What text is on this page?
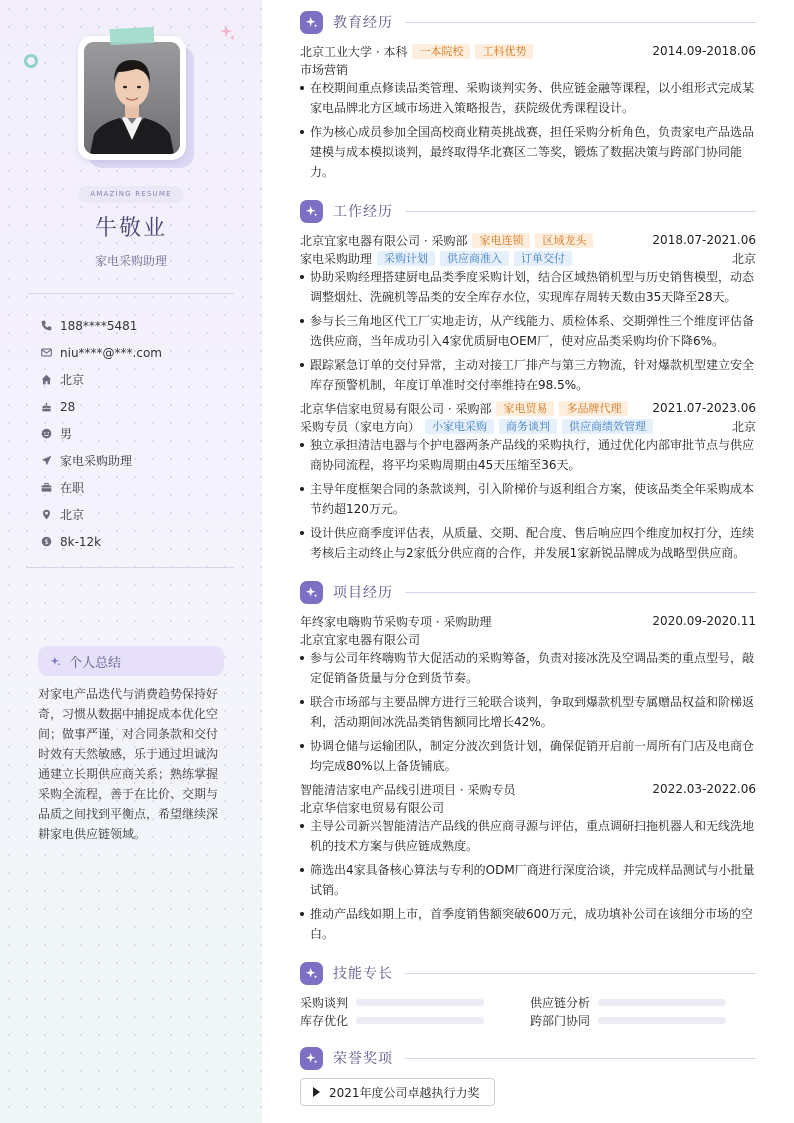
AMAZING RESUME
牛敬业
家电采购助理
188****5481
niu****@***.com
北京
28
男
家电采购助理
在职
北京
$ 8k-12k
个人总结
对家电产品迭代与消费趋势保持好奇，习惯从数据中捕捉成本优化空间；做事严谨，对合同条款和交付时效有天然敏感，乐于通过坦诚沟通建立长期供应商关系；熟练掌握采购全流程，善于在比价、交期与品质之间找到平衡点，希望继续深耕家电供应链领域。
教育经历
北京工业大学 · 本科	一本院校	工科优势	2014.09-2018.06
市场营销
在校期间重点修读品类管理、采购谈判实务、供应链金融等课程，以小组形式完成某家电品牌北方区域市场进入策略报告，获院级优秀课程设计。
作为核心成员参加全国高校商业精英挑战赛，担任采购分析角色，负责家电产品选品建模与成本模拟谈判，最终取得华北赛区二等奖，锻炼了数据决策与跨部门协同能力。
工作经历
北京宜家电器有限公司 · 采购部	家电连锁	区域龙头	2018.07-2021.06
家电采购助理	采购计划	供应商准入	订单交付	北京
协助采购经理搭建厨电品类季度采购计划，结合区域热销机型与历史销售模型，动态调整烟灶、洗碗机等品类的安全库存水位，实现库存周转天数由35天降至28天。
参与长三角地区代工厂实地走访，从产线能力、质检体系、交期弹性三个维度评估备选供应商，当年成功引入4家优质厨电OEM厂，使对应品类采购均价下降6%。
跟踪紧急订单的交付异常，主动对接工厂排产与第三方物流，针对爆款机型建立安全库存预警机制，年度订单准时交付率维持在98.5%。
北京华信家电贸易有限公司 · 采购部	家电贸易	多品牌代理	2021.07-2023.06
采购专员（家电方向）	小家电采购	商务谈判	供应商绩效管理	北京
独立承担清洁电器与个护电器两条产品线的采购执行，通过优化内部审批节点与供应商协同流程，将平均采购周期由45天压缩至36天。
主导年度框架合同的条款谈判，引入阶梯价与返利组合方案，使该品类全年采购成本节约超120万元。
设计供应商季度评估表，从质量、交期、配合度、售后响应四个维度加权打分，连续考核后主动终止与2家低分供应商的合作，并发展1家新锐品牌成为战略型供应商。
项目经历
年终家电嗨购节采购专项 · 采购助理	2020.09-2020.11
北京宜家电器有限公司
参与公司年终嗨购节大促活动的采购筹备，负责对接冰洗及空调品类的重点型号，敲定促销备货量与分仓到货节奏。
联合市场部与主要品牌方进行三轮联合谈判，争取到爆款机型专属赠品权益和阶梯返利，活动期间冰洗品类销售额同比增长42%。
协调仓储与运输团队，制定分波次到货计划，确保促销开启前一周所有门店及电商仓均完成80%以上备货铺底。
智能清洁家电产品线引进项目 · 采购专员	2022.03-2022.06
北京华信家电贸易有限公司
主导公司新兴智能清洁产品线的供应商寻源与评估，重点调研扫拖机器人和无线洗地机的技术方案与供应链成熟度。
筛选出4家具备核心算法与专利的ODM厂商进行深度洽谈，并完成样品测试与小批量试销。
推动产品线如期上市，首季度销售额突破600万元，成功填补公司在该细分市场的空白。
技能专长
采购谈判	供应链分析
库存优化	跨部门协同
荣誉奖项
2021年度公司卓越执行力奖
